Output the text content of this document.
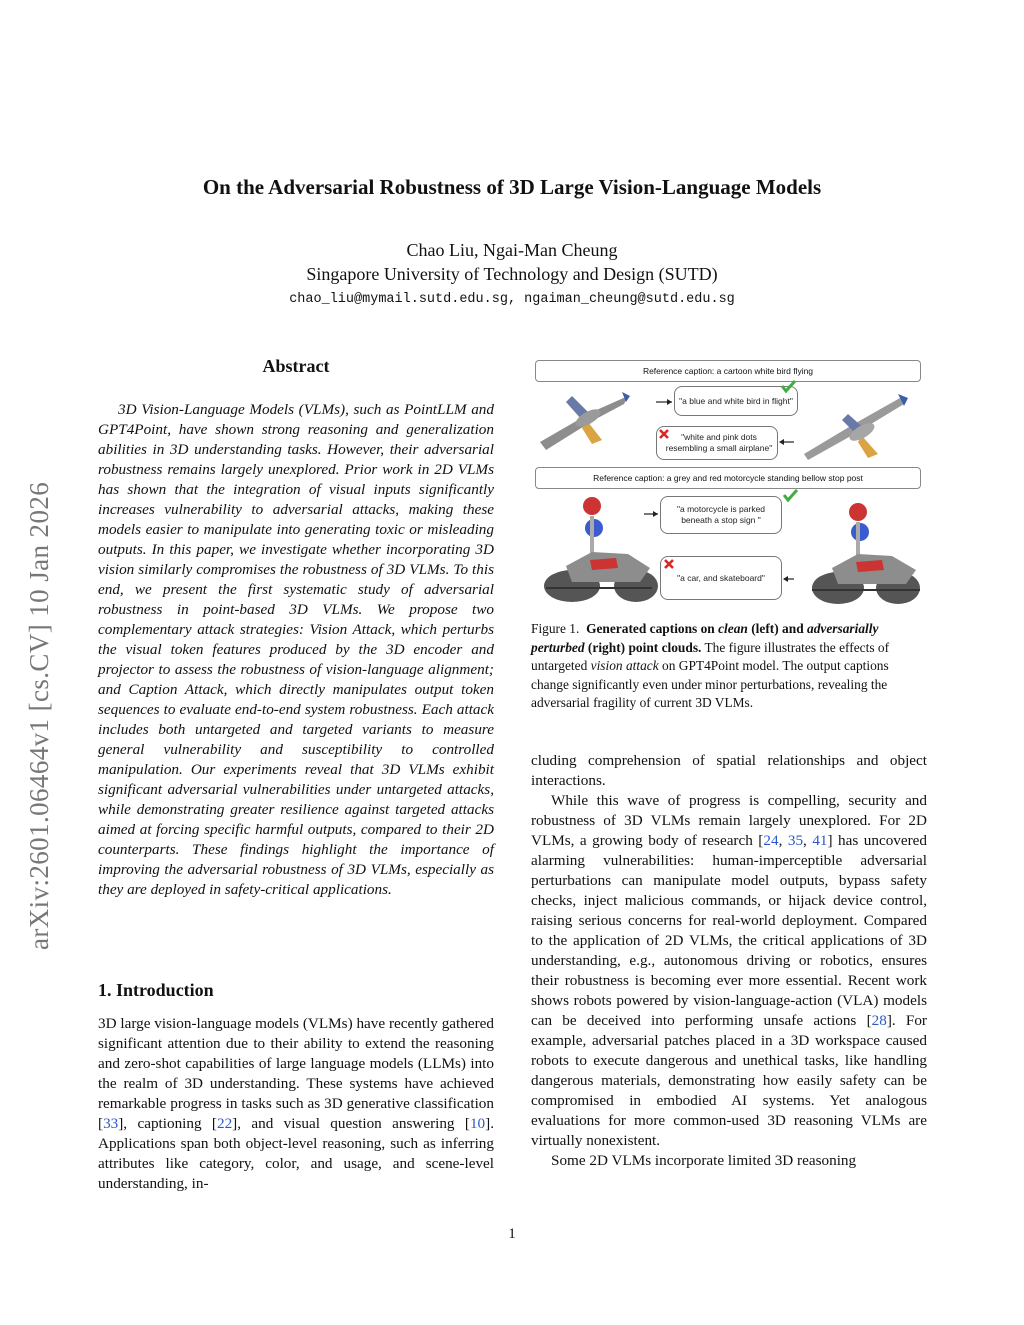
On the Adversarial Robustness of 3D Large Vision-Language Models
Chao Liu, Ngai-Man Cheung
Singapore University of Technology and Design (SUTD)
chao_liu@mymail.sutd.edu.sg, ngaiman_cheung@sutd.edu.sg
arXiv:2601.06464v1 [cs.CV] 10 Jan 2026
Abstract
3D Vision-Language Models (VLMs), such as PointLLM and GPT4Point, have shown strong reasoning and generalization abilities in 3D understanding tasks. However, their adversarial robustness remains largely unexplored. Prior work in 2D VLMs has shown that the integration of visual inputs significantly increases vulnerability to adversarial attacks, making these models easier to manipulate into generating toxic or misleading outputs. In this paper, we investigate whether incorporating 3D vision similarly compromises the robustness of 3D VLMs. To this end, we present the first systematic study of adversarial robustness in point-based 3D VLMs. We propose two complementary attack strategies: Vision Attack, which perturbs the visual token features produced by the 3D encoder and projector to assess the robustness of vision-language alignment; and Caption Attack, which directly manipulates output token sequences to evaluate end-to-end system robustness. Each attack includes both untargeted and targeted variants to measure general vulnerability and susceptibility to controlled manipulation. Our experiments reveal that 3D VLMs exhibit significant adversarial vulnerabilities under untargeted attacks, while demonstrating greater resilience against targeted attacks aimed at forcing specific harmful outputs, compared to their 2D counterparts. These findings highlight the importance of improving the adversarial robustness of 3D VLMs, especially as they are deployed in safety-critical applications.
1. Introduction
3D large vision-language models (VLMs) have recently gathered significant attention due to their ability to extend the reasoning and zero-shot capabilities of large language models (LLMs) into the realm of 3D understanding. These systems have achieved remarkable progress in tasks such as 3D generative classification [33], captioning [22], and visual question answering [10]. Applications span both object-level reasoning, such as inferring attributes like category, color, and usage, and scene-level understanding, in-
Reference caption: a cartoon white bird flying
Reference caption: a grey and red motorcycle standing bellow stop post
"a blue and white bird in flight"
"white and pink dots resembling a small airplane"
"a motorcycle is parked beneath a stop sign "
"a car, and skateboard"
Figure 1. Generated captions on clean (left) and adversarially perturbed (right) point clouds. The figure illustrates the effects of untargeted vision attack on GPT4Point model. The output captions change significantly even under minor perturbations, revealing the adversarial fragility of current 3D VLMs.

cluding comprehension of spatial relationships and object interactions.

While this wave of progress is compelling, security and robustness of 3D VLMs remain largely unexplored. For 2D VLMs, a growing body of research [24, 35, 41] has uncovered alarming vulnerabilities: human-imperceptible adversarial perturbations can manipulate model outputs, bypass safety checks, inject malicious commands, or hijack device control, raising serious concerns for real-world deployment. Compared to the application of 2D VLMs, the critical applications of 3D understanding, e.g., autonomous driving or robotics, ensures their robustness is becoming ever more essential. Recent work shows robots powered by vision-language-action (VLA) models can be deceived into performing unsafe actions [28]. For example, adversarial patches placed in a 3D workspace caused robots to execute dangerous and unethical tasks, like handling dangerous materials, demonstrating how easily safety can be compromised in embodied AI systems. Yet analogous evaluations for more common-used 3D reasoning VLMs are virtually nonexistent.

Some 2D VLMs incorporate limited 3D reasoning

1
